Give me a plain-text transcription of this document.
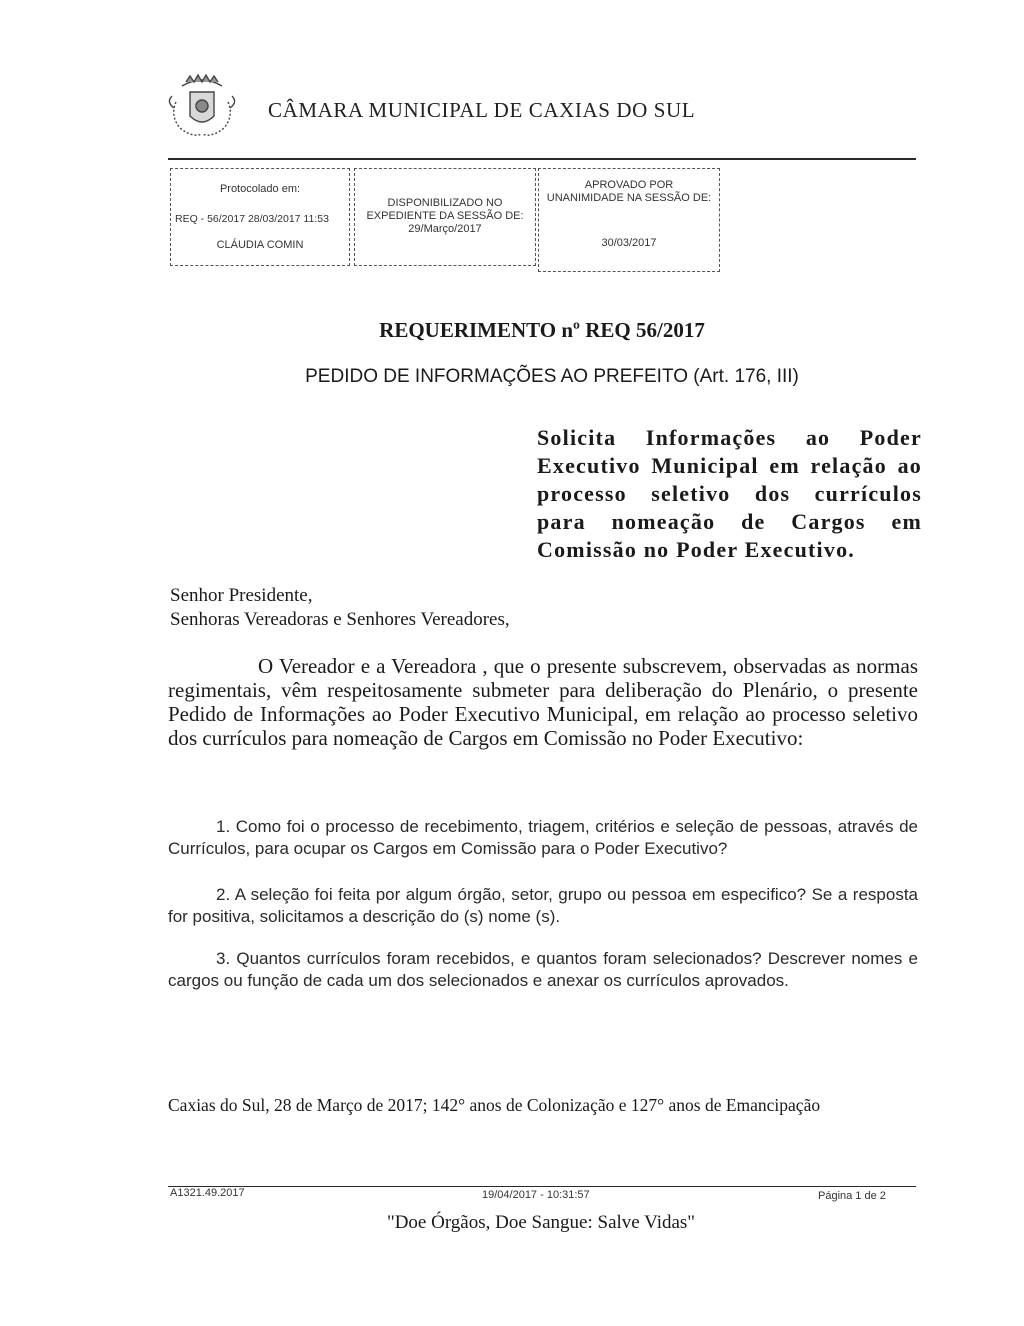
CÂMARA MUNICIPAL DE CAXIAS DO SUL
Protocolado em:
REQ - 56/2017 28/03/2017 11:53
CLÁUDIA COMIN
DISPONIBILIZADO NO EXPEDIENTE DA SESSÃO DE:
29/Março/2017
APROVADO POR UNANIMIDADE NA SESSÃO DE:
30/03/2017
REQUERIMENTO nº REQ 56/2017
PEDIDO DE INFORMAÇÕES AO PREFEITO (Art. 176, III)
Solicita Informações ao Poder Executivo Municipal em relação ao processo seletivo dos currículos para nomeação de Cargos em Comissão no Poder Executivo.
Senhor Presidente,
Senhoras Vereadoras e Senhores Vereadores,
O Vereador e a Vereadora , que o presente subscrevem, observadas as normas regimentais, vêm respeitosamente submeter para deliberação do Plenário, o presente Pedido de Informações ao Poder Executivo Municipal, em relação ao processo seletivo dos currículos para nomeação de Cargos em Comissão no Poder Executivo:
1. Como foi o processo de recebimento, triagem, critérios e seleção de pessoas, através de Currículos, para ocupar os Cargos em Comissão para o Poder Executivo?
2. A seleção foi feita por algum órgão, setor, grupo ou pessoa em especifico? Se a resposta for positiva, solicitamos a descrição do (s) nome (s).
3. Quantos currículos foram recebidos, e quantos foram selecionados? Descrever nomes e cargos ou função de cada um dos selecionados e anexar os currículos aprovados.
Caxias do Sul, 28 de Março de 2017; 142° anos de Colonização e 127° anos de Emancipação
A1321.49.2017	19/04/2017 - 10:31:57	Página 1 de 2
"Doe Órgãos, Doe Sangue: Salve Vidas"
